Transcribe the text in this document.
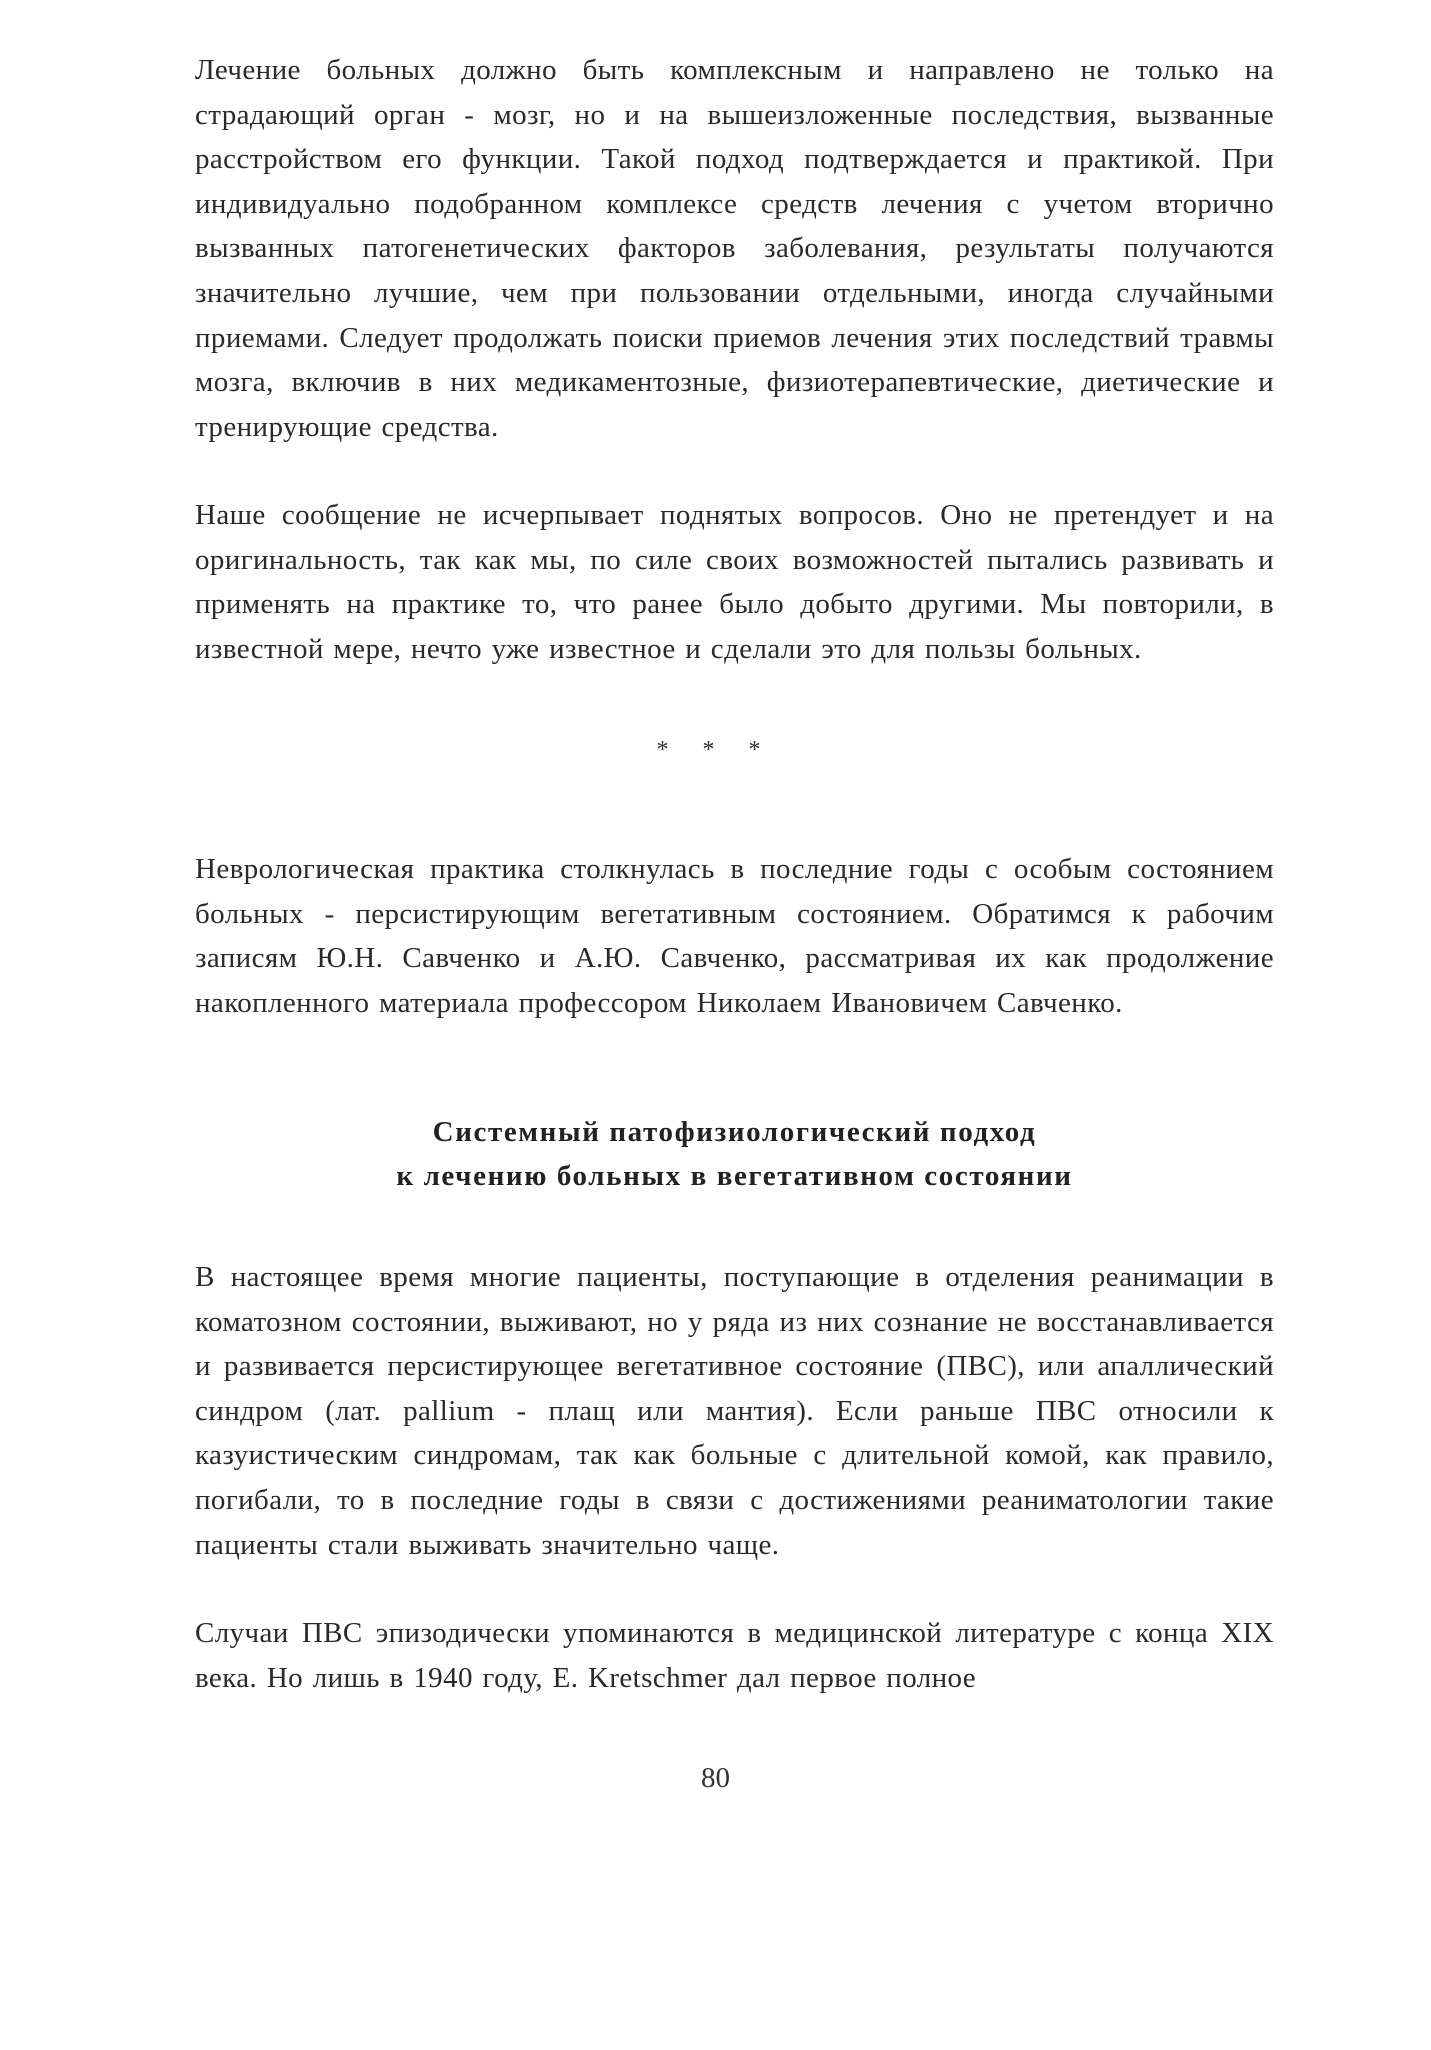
Лечение больных должно быть комплексным и направлено не только на страдающий орган - мозг, но и на вышеизложенные последствия, вызванные расстройством его функции. Такой подход подтверждается и практикой. При индивидуально подобранном комплексе средств лечения с учетом вторично вызванных патогенетических факторов заболевания, результаты получаются значительно лучшие, чем при пользовании отдельными, иногда случайными приемами. Следует продолжать поиски приемов лечения этих последствий травмы мозга, включив в них медикаментозные, физиотерапевтические, диетические и тренирующие средства.

Наше сообщение не исчерпывает поднятых вопросов. Оно не претендует и на оригинальность, так как мы, по силе своих возможностей пытались развивать и применять на практике то, что ранее было добыто другими. Мы повторили, в известной мере, нечто уже известное и сделали это для пользы больных.

* * *

Неврологическая практика столкнулась в последние годы с особым состоянием больных - персистирующим вегетативным состоянием. Обратимся к рабочим записям Ю.Н. Савченко и А.Ю. Савченко, рассматривая их как продолжение накопленного материала профессором Николаем Ивановичем Савченко.

Системный патофизиологический подход
к лечению больных в вегетативном состоянии

В настоящее время многие пациенты, поступающие в отделения реанимации в коматозном состоянии, выживают, но у ряда из них сознание не восстанавливается и развивается персистирующее вегетативное состояние (ПВС), или апаллический синдром (лат. pallium - плащ или мантия). Если раньше ПВС относили к казуистическим синдромам, так как больные с длительной комой, как правило, погибали, то в последние годы в связи с достижениями реаниматологии такие пациенты стали выживать значительно чаще.

Случаи ПВС эпизодически упоминаются в медицинской литературе с конца XIX века. Но лишь в 1940 году, E. Kretschmer дал первое полное

80
